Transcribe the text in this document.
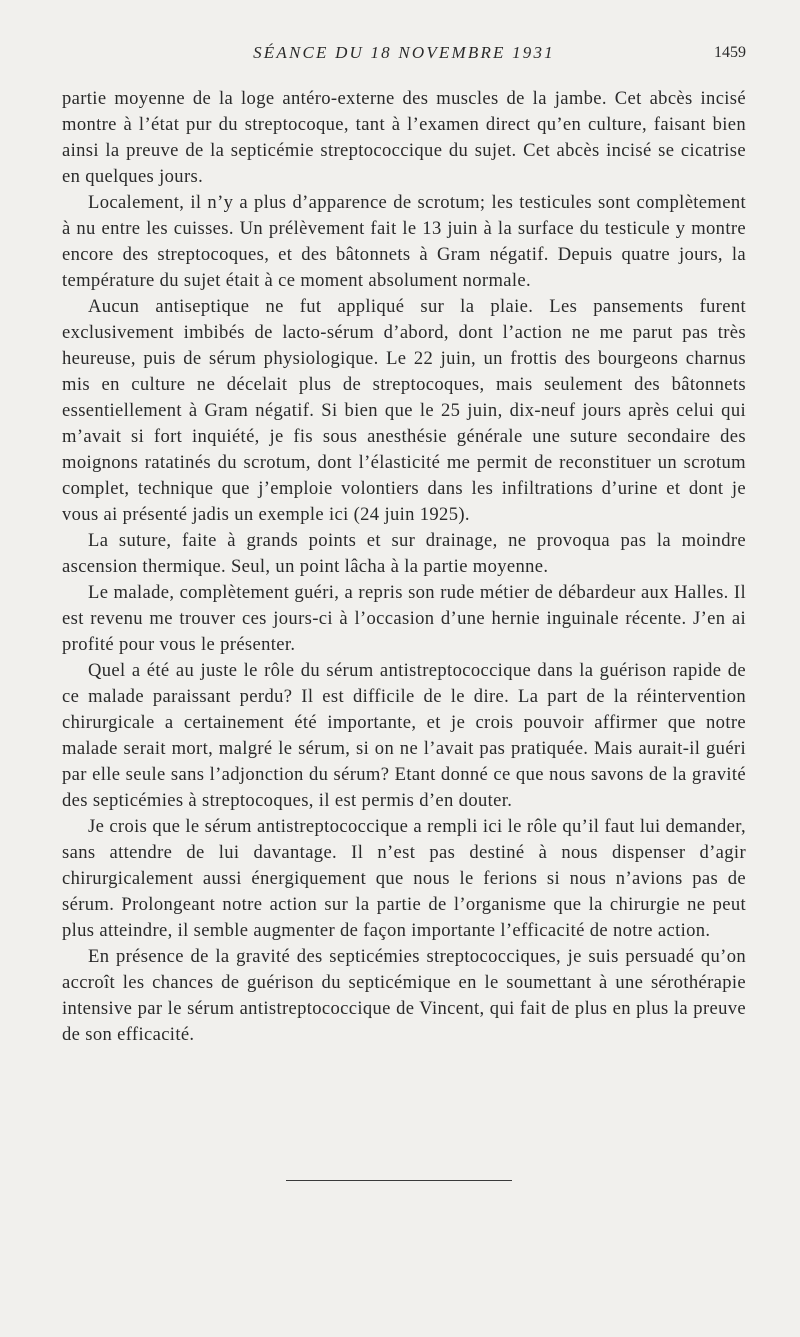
SÉANCE DU 18 NOVEMBRE 1931	1459

partie moyenne de la loge antéro-externe des muscles de la jambe. Cet abcès incisé montre à l’état pur du streptocoque, tant à l’examen direct qu’en culture, faisant bien ainsi la preuve de la septicémie streptococcique du sujet. Cet abcès incisé se cicatrise en quelques jours.

Localement, il n’y a plus d’apparence de scrotum; les testicules sont complètement à nu entre les cuisses. Un prélèvement fait le 13 juin à la surface du testicule y montre encore des streptocoques, et des bâtonnets à Gram négatif. Depuis quatre jours, la température du sujet était à ce moment absolument normale.

Aucun antiseptique ne fut appliqué sur la plaie. Les pansements furent exclusivement imbibés de lacto-sérum d’abord, dont l’action ne me parut pas très heureuse, puis de sérum physiologique. Le 22 juin, un frottis des bourgeons charnus mis en culture ne décelait plus de streptocoques, mais seulement des bâtonnets essentiellement à Gram négatif. Si bien que le 25 juin, dix-neuf jours après celui qui m’avait si fort inquiété, je fis sous anesthésie générale une suture secondaire des moignons ratatinés du scrotum, dont l’élasticité me permit de reconstituer un scrotum complet, technique que j’emploie volontiers dans les infiltrations d’urine et dont je vous ai présenté jadis un exemple ici (24 juin 1925).

La suture, faite à grands points et sur drainage, ne provoqua pas la moindre ascension thermique. Seul, un point lâcha à la partie moyenne.

Le malade, complètement guéri, a repris son rude métier de débardeur aux Halles. Il est revenu me trouver ces jours-ci à l’occasion d’une hernie inguinale récente. J’en ai profité pour vous le présenter.

Quel a été au juste le rôle du sérum antistreptococcique dans la guérison rapide de ce malade paraissant perdu? Il est difficile de le dire. La part de la réintervention chirurgicale a certainement été importante, et je crois pouvoir affirmer que notre malade serait mort, malgré le sérum, si on ne l’avait pas pratiquée. Mais aurait-il guéri par elle seule sans l’adjonction du sérum? Etant donné ce que nous savons de la gravité des septicémies à streptocoques, il est permis d’en douter.

Je crois que le sérum antistreptococcique a rempli ici le rôle qu’il faut lui demander, sans attendre de lui davantage. Il n’est pas destiné à nous dispenser d’agir chirurgicalement aussi énergiquement que nous le ferions si nous n’avions pas de sérum. Prolongeant notre action sur la partie de l’organisme que la chirurgie ne peut plus atteindre, il semble augmenter de façon importante l’efficacité de notre action.

En présence de la gravité des septicémies streptococciques, je suis persuadé qu’on accroît les chances de guérison du septicémique en le soumettant à une sérothérapie intensive par le sérum antistreptococcique de Vincent, qui fait de plus en plus la preuve de son efficacité.
